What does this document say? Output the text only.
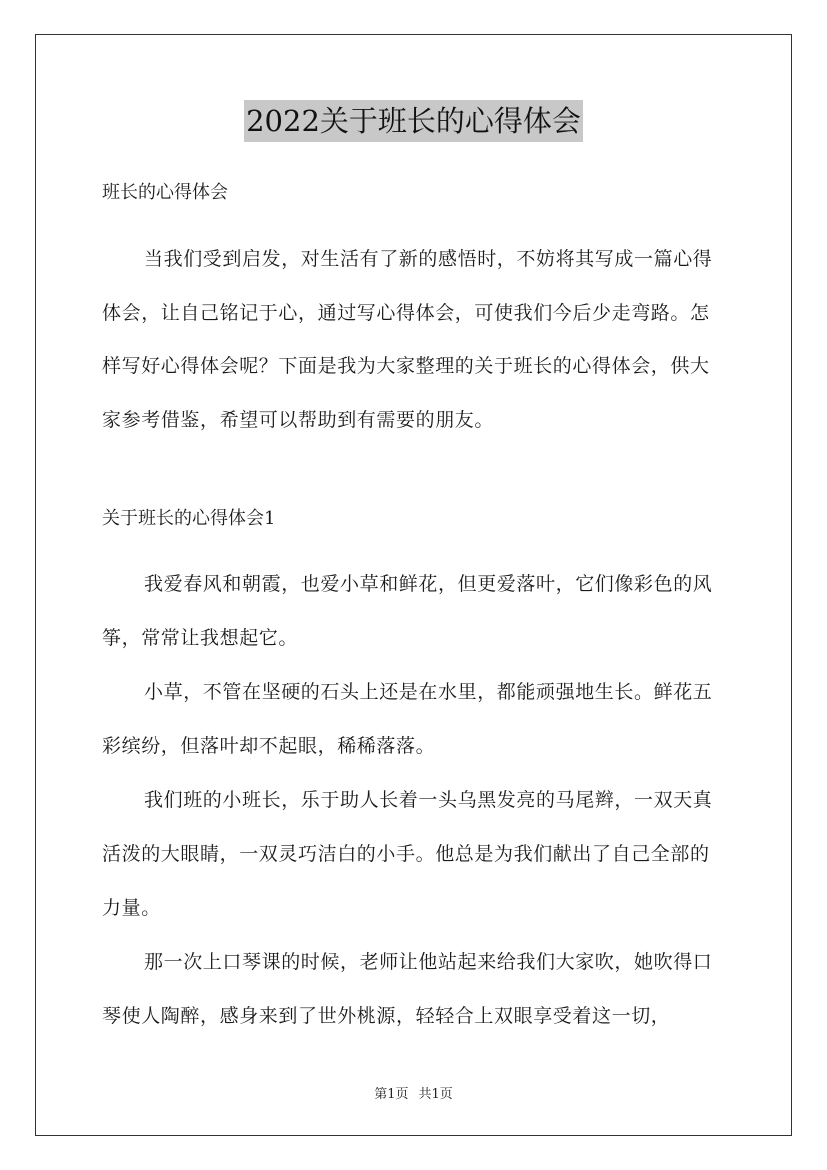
2022关于班长的心得体会
班长的心得体会
当我们受到启发，对生活有了新的感悟时，不妨将其写成一篇心得体会，让自己铭记于心，通过写心得体会，可使我们今后少走弯路。怎样写好心得体会呢？下面是我为大家整理的关于班长的心得体会，供大家参考借鉴，希望可以帮助到有需要的朋友。
关于班长的心得体会1
我爱春风和朝霞，也爱小草和鲜花，但更爱落叶，它们像彩色的风筝，常常让我想起它。
小草，不管在坚硬的石头上还是在水里，都能顽强地生长。鲜花五彩缤纷，但落叶却不起眼，稀稀落落。
我们班的小班长，乐于助人长着一头乌黑发亮的马尾辫，一双天真活泼的大眼睛，一双灵巧洁白的小手。他总是为我们献出了自己全部的力量。
那一次上口琴课的时候，老师让他站起来给我们大家吹，她吹得口琴使人陶醉，感身来到了世外桃源，轻轻合上双眼享受着这一切，
第1页 共1页
